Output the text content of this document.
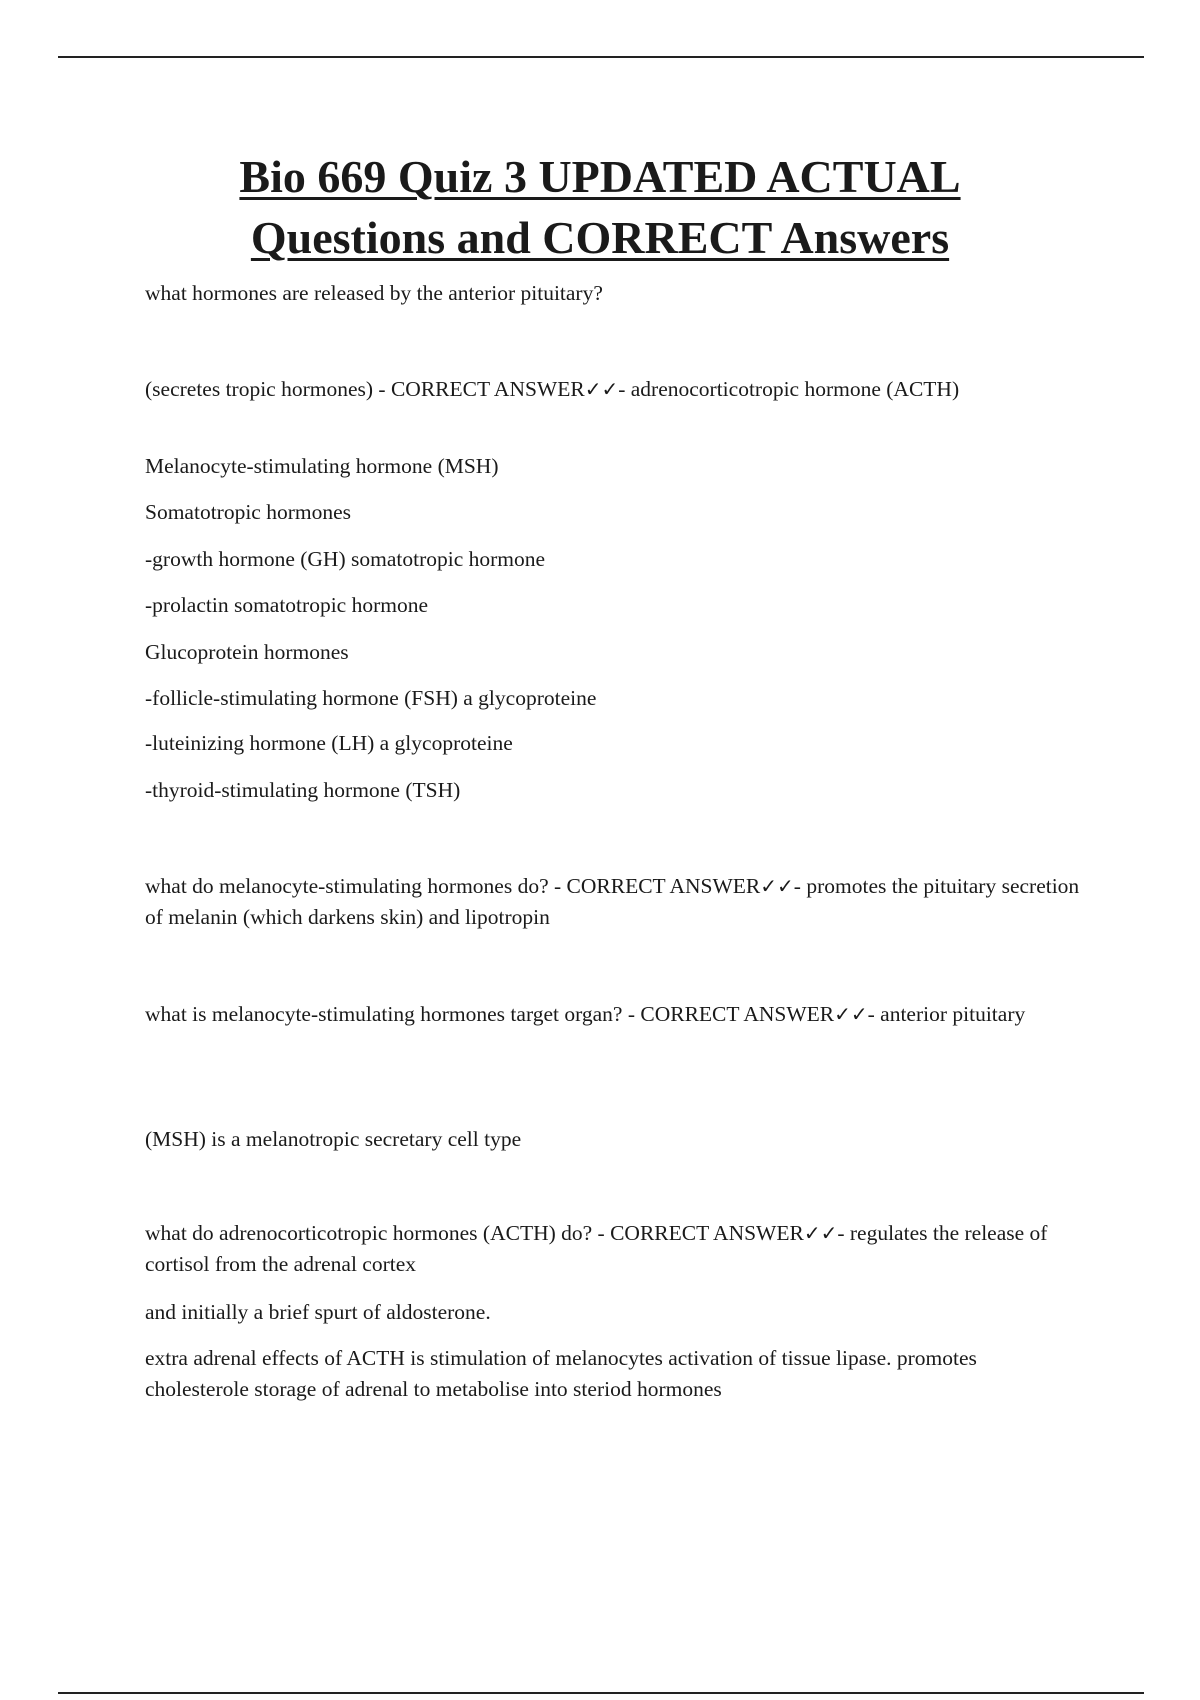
Bio 669 Quiz 3 UPDATED ACTUAL
Questions and CORRECT Answers

what hormones are released by the anterior pituitary?

(secretes tropic hormones) - CORRECT ANSWER✓✓- adrenocorticotropic hormone (ACTH)

Melanocyte-stimulating hormone (MSH)

Somatotropic hormones

-growth hormone (GH) somatotropic hormone

-prolactin somatotropic hormone

Glucoprotein hormones

-follicle-stimulating hormone (FSH) a glycoproteine

-luteinizing hormone (LH) a glycoproteine

-thyroid-stimulating hormone (TSH)

what do melanocyte-stimulating hormones do? - CORRECT ANSWER✓✓- promotes the pituitary secretion of melanin (which darkens skin) and lipotropin

what is melanocyte-stimulating hormones target organ? - CORRECT ANSWER✓✓- anterior pituitary

(MSH) is a melanotropic secretary cell type

what do adrenocorticotropic hormones (ACTH) do? - CORRECT ANSWER✓✓- regulates the release of cortisol from the adrenal cortex

and initially a brief spurt of aldosterone.

extra adrenal effects of ACTH is stimulation of melanocytes activation of tissue lipase. promotes cholesterole storage of adrenal to metabolise into steriod hormones
